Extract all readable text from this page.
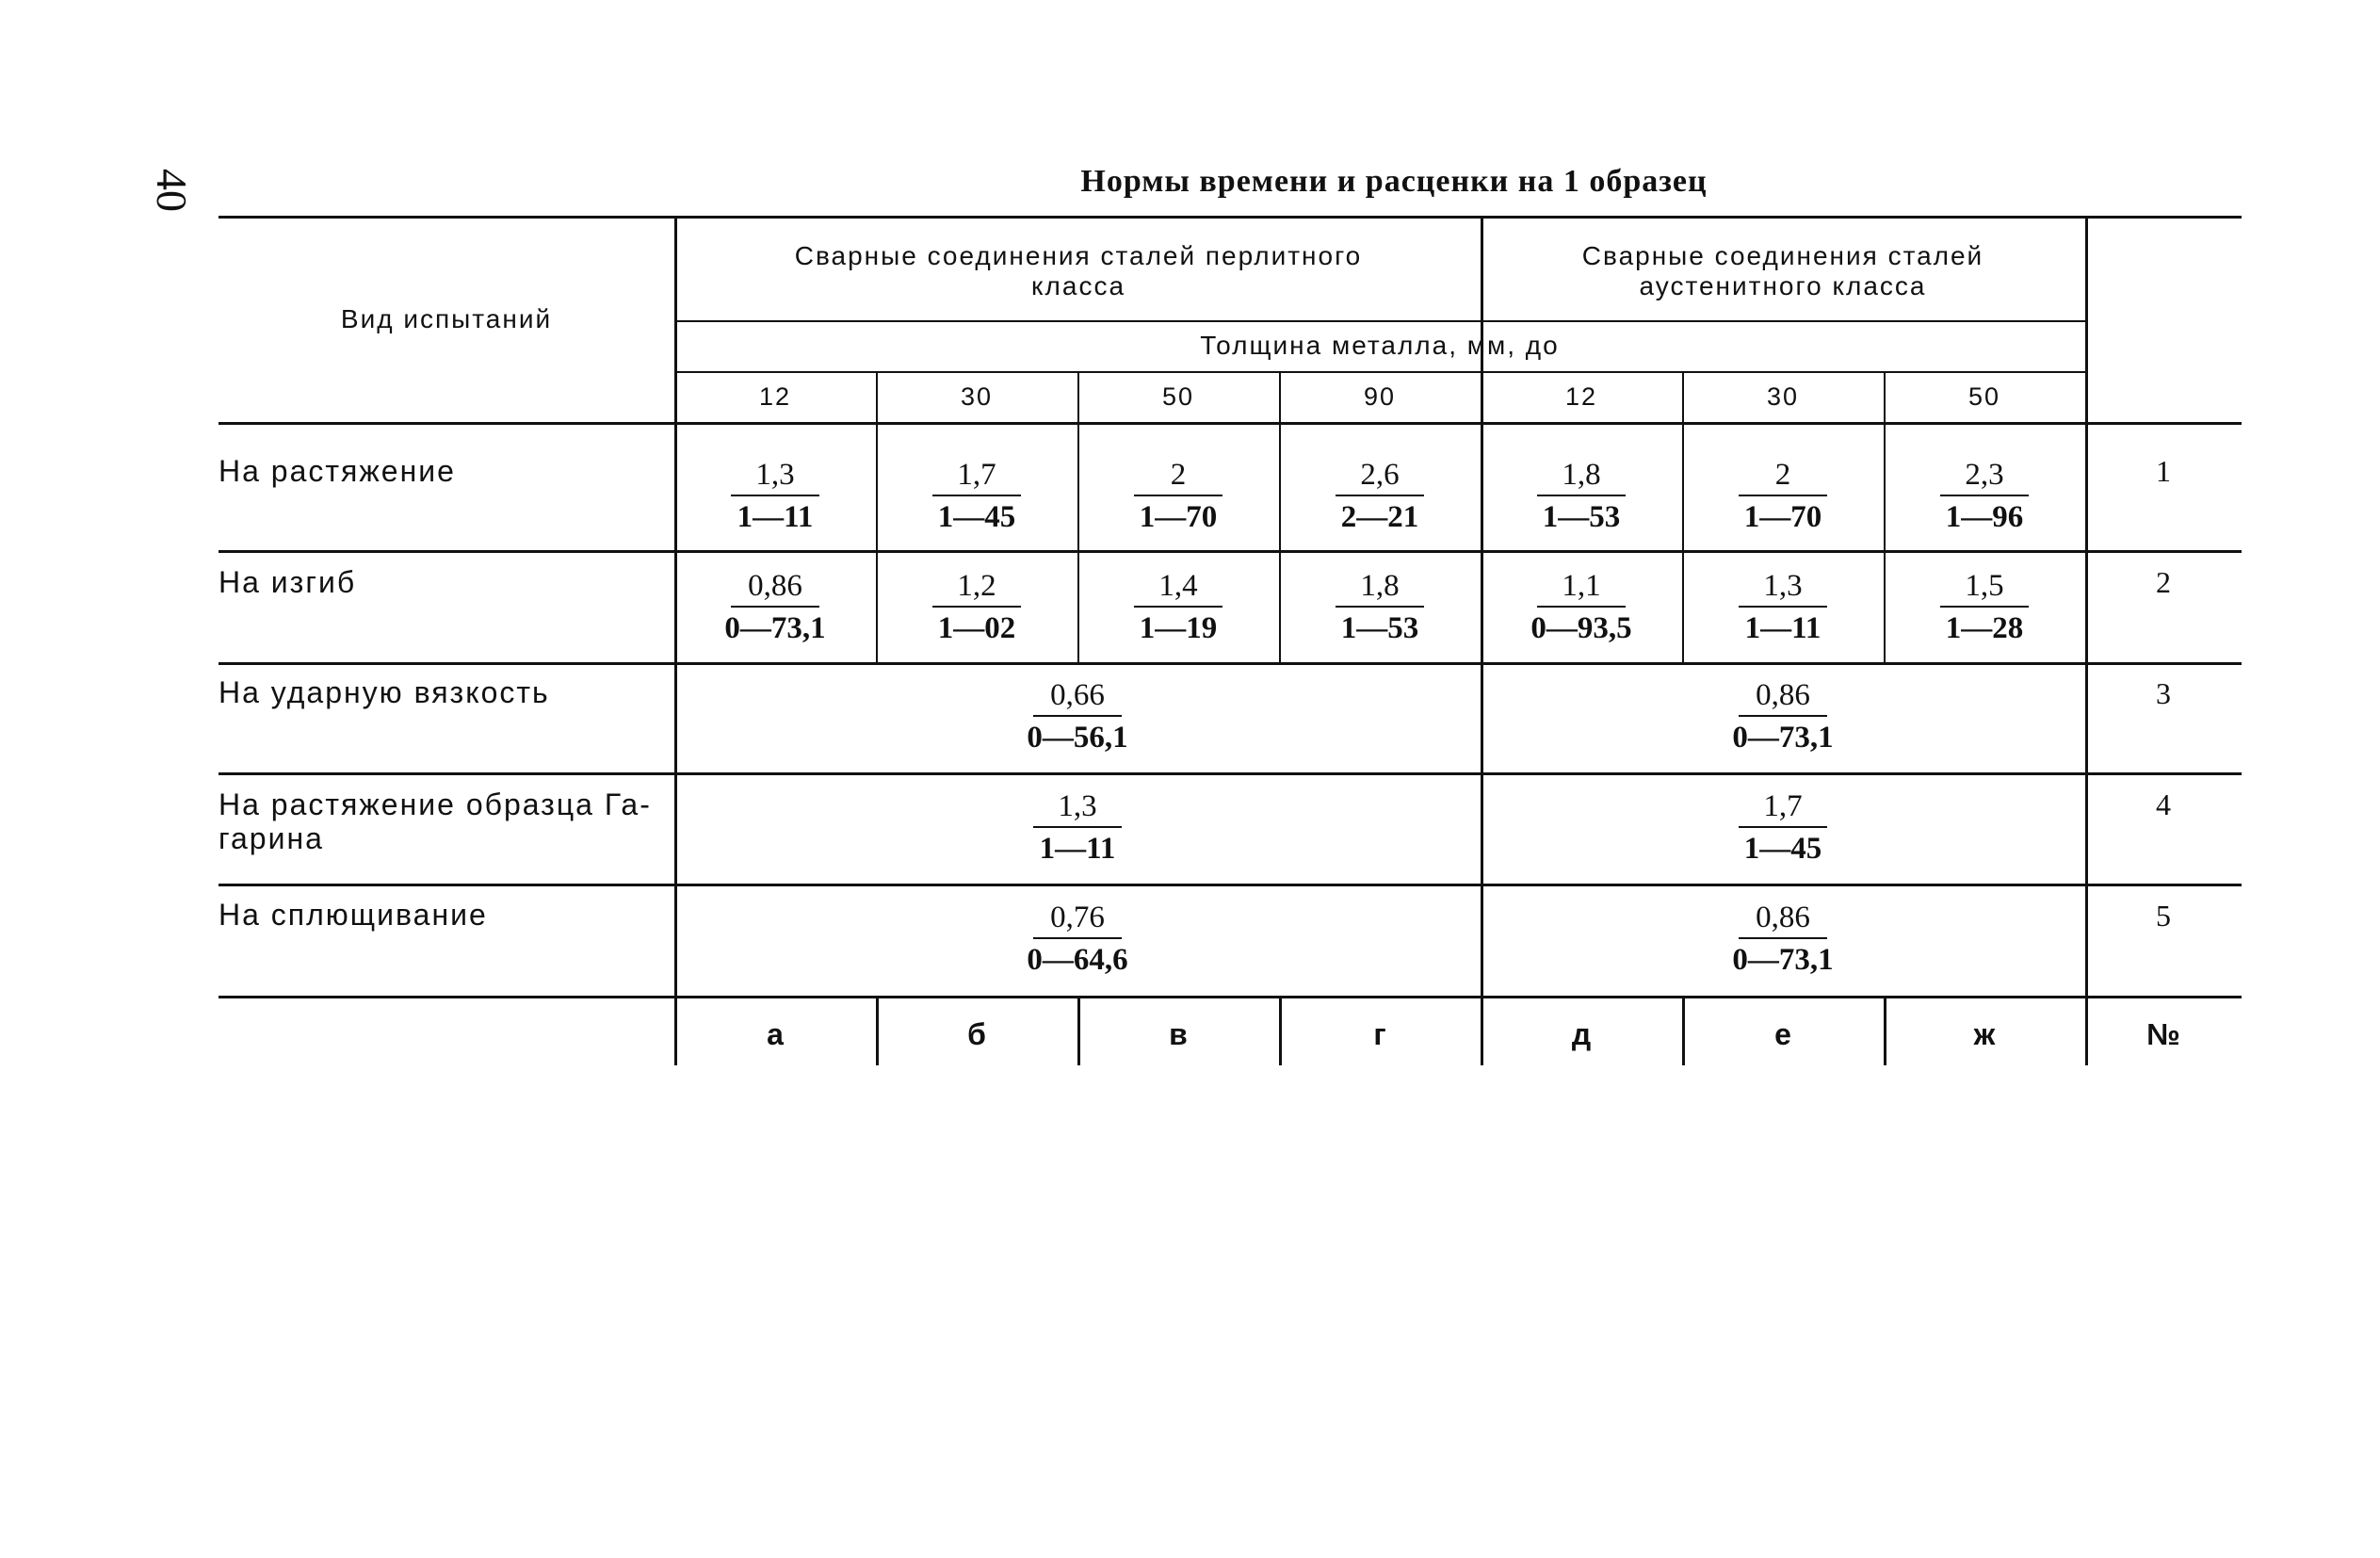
40	Нормы времени и расценки на 1 образец
Вид испытаний
Сварные соединения сталей перлитного класса
Сварные соединения сталей аустенитного класса
Толщина металла, мм, до
12	30	50	90	12	30	50
На растяжение	$\frac{1,3}{1—11}$	$\frac{1,7}{1—45}$	$\frac{2}{1—70}$	$\frac{2,6}{2—21}$	$\frac{1,8}{1—53}$	$\frac{2}{1—70}$	$\frac{2,3}{1—96}$	1
На изгиб	$\frac{0,86}{0—73,1}$	$\frac{1,2}{1—02}$	$\frac{1,4}{1—19}$	$\frac{1,8}{1—53}$	$\frac{1,1}{0—93,5}$	$\frac{1,3}{1—11}$	$\frac{1,5}{1—28}$	2
На ударную вязкость	$\frac{0,66}{0—56,1}$	$\frac{0,86}{0—73,1}$	3
На растяжение образца Га-
гарина	$\frac{1,3}{1—11}$	$\frac{1,7}{1—45}$	4
На сплющивание	$\frac{0,76}{0—64,6}$	$\frac{0,86}{0—73,1}$	5
а	б	в	г	д	е	ж	№
